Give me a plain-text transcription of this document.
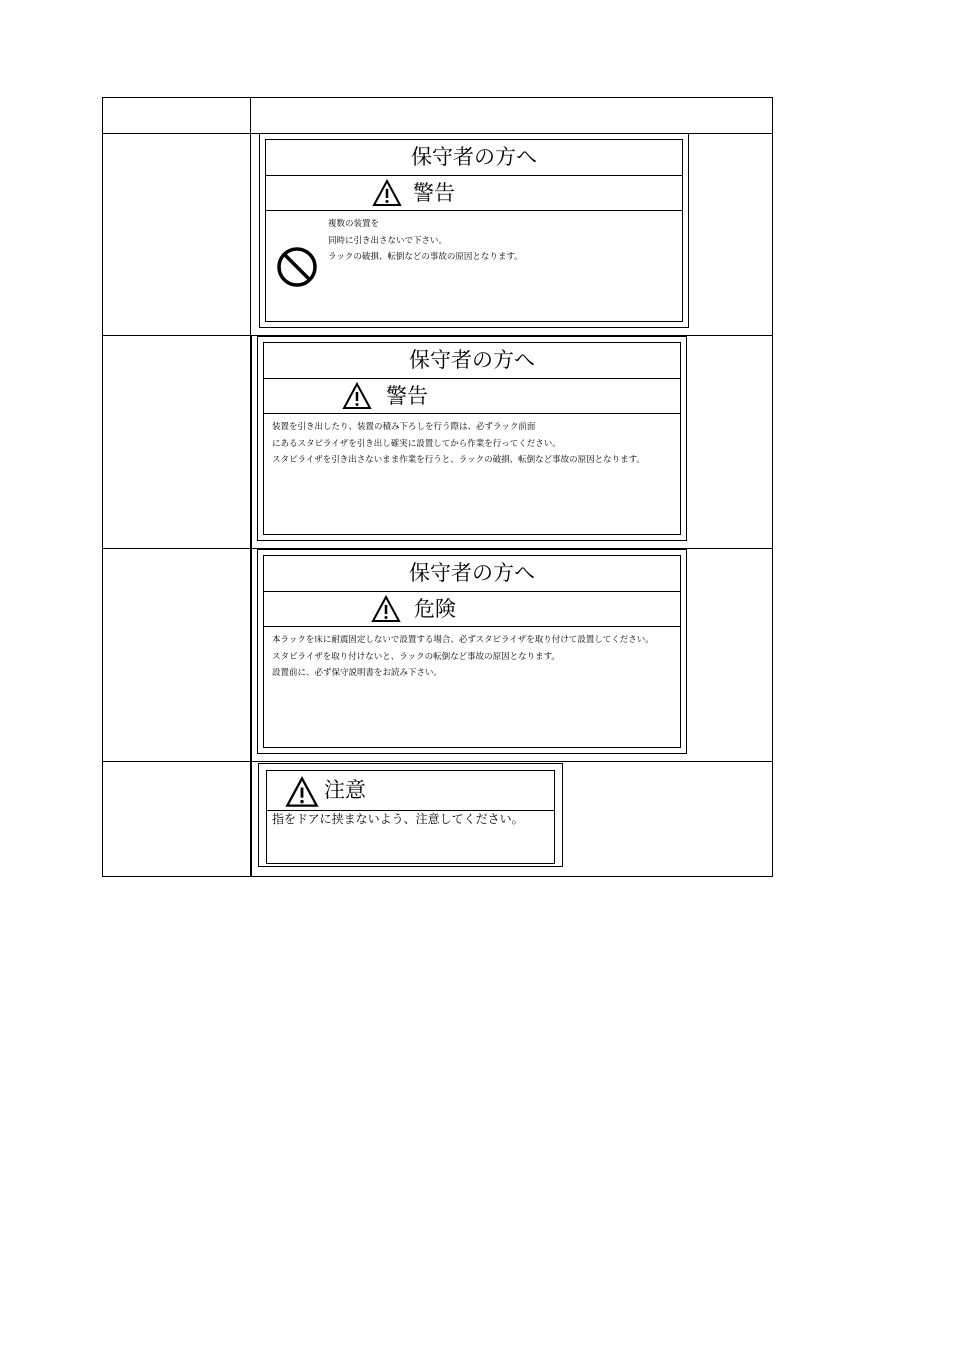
保守者の方へ
警告
複数の装置を
同時に引き出さないで下さい。
ラックの破損、転倒などの事故の原因となります。
保守者の方へ
警告
装置を引き出したり、装置の積み下ろしを行う際は、必ずラック前面
にあるスタビライザを引き出し確実に設置してから作業を行ってください。
スタビライザを引き出さないまま作業を行うと、ラックの破損、転倒など事故の原因となります。
保守者の方へ
危険
本ラックを床に耐震固定しないで設置する場合、必ずスタビライザを取り付けて設置してください。
スタビライザを取り付けないと、ラックの転倒など事故の原因となります。
設置前に、必ず保守説明書をお読み下さい。
注意
指をドアに挟まないよう、注意してください。
